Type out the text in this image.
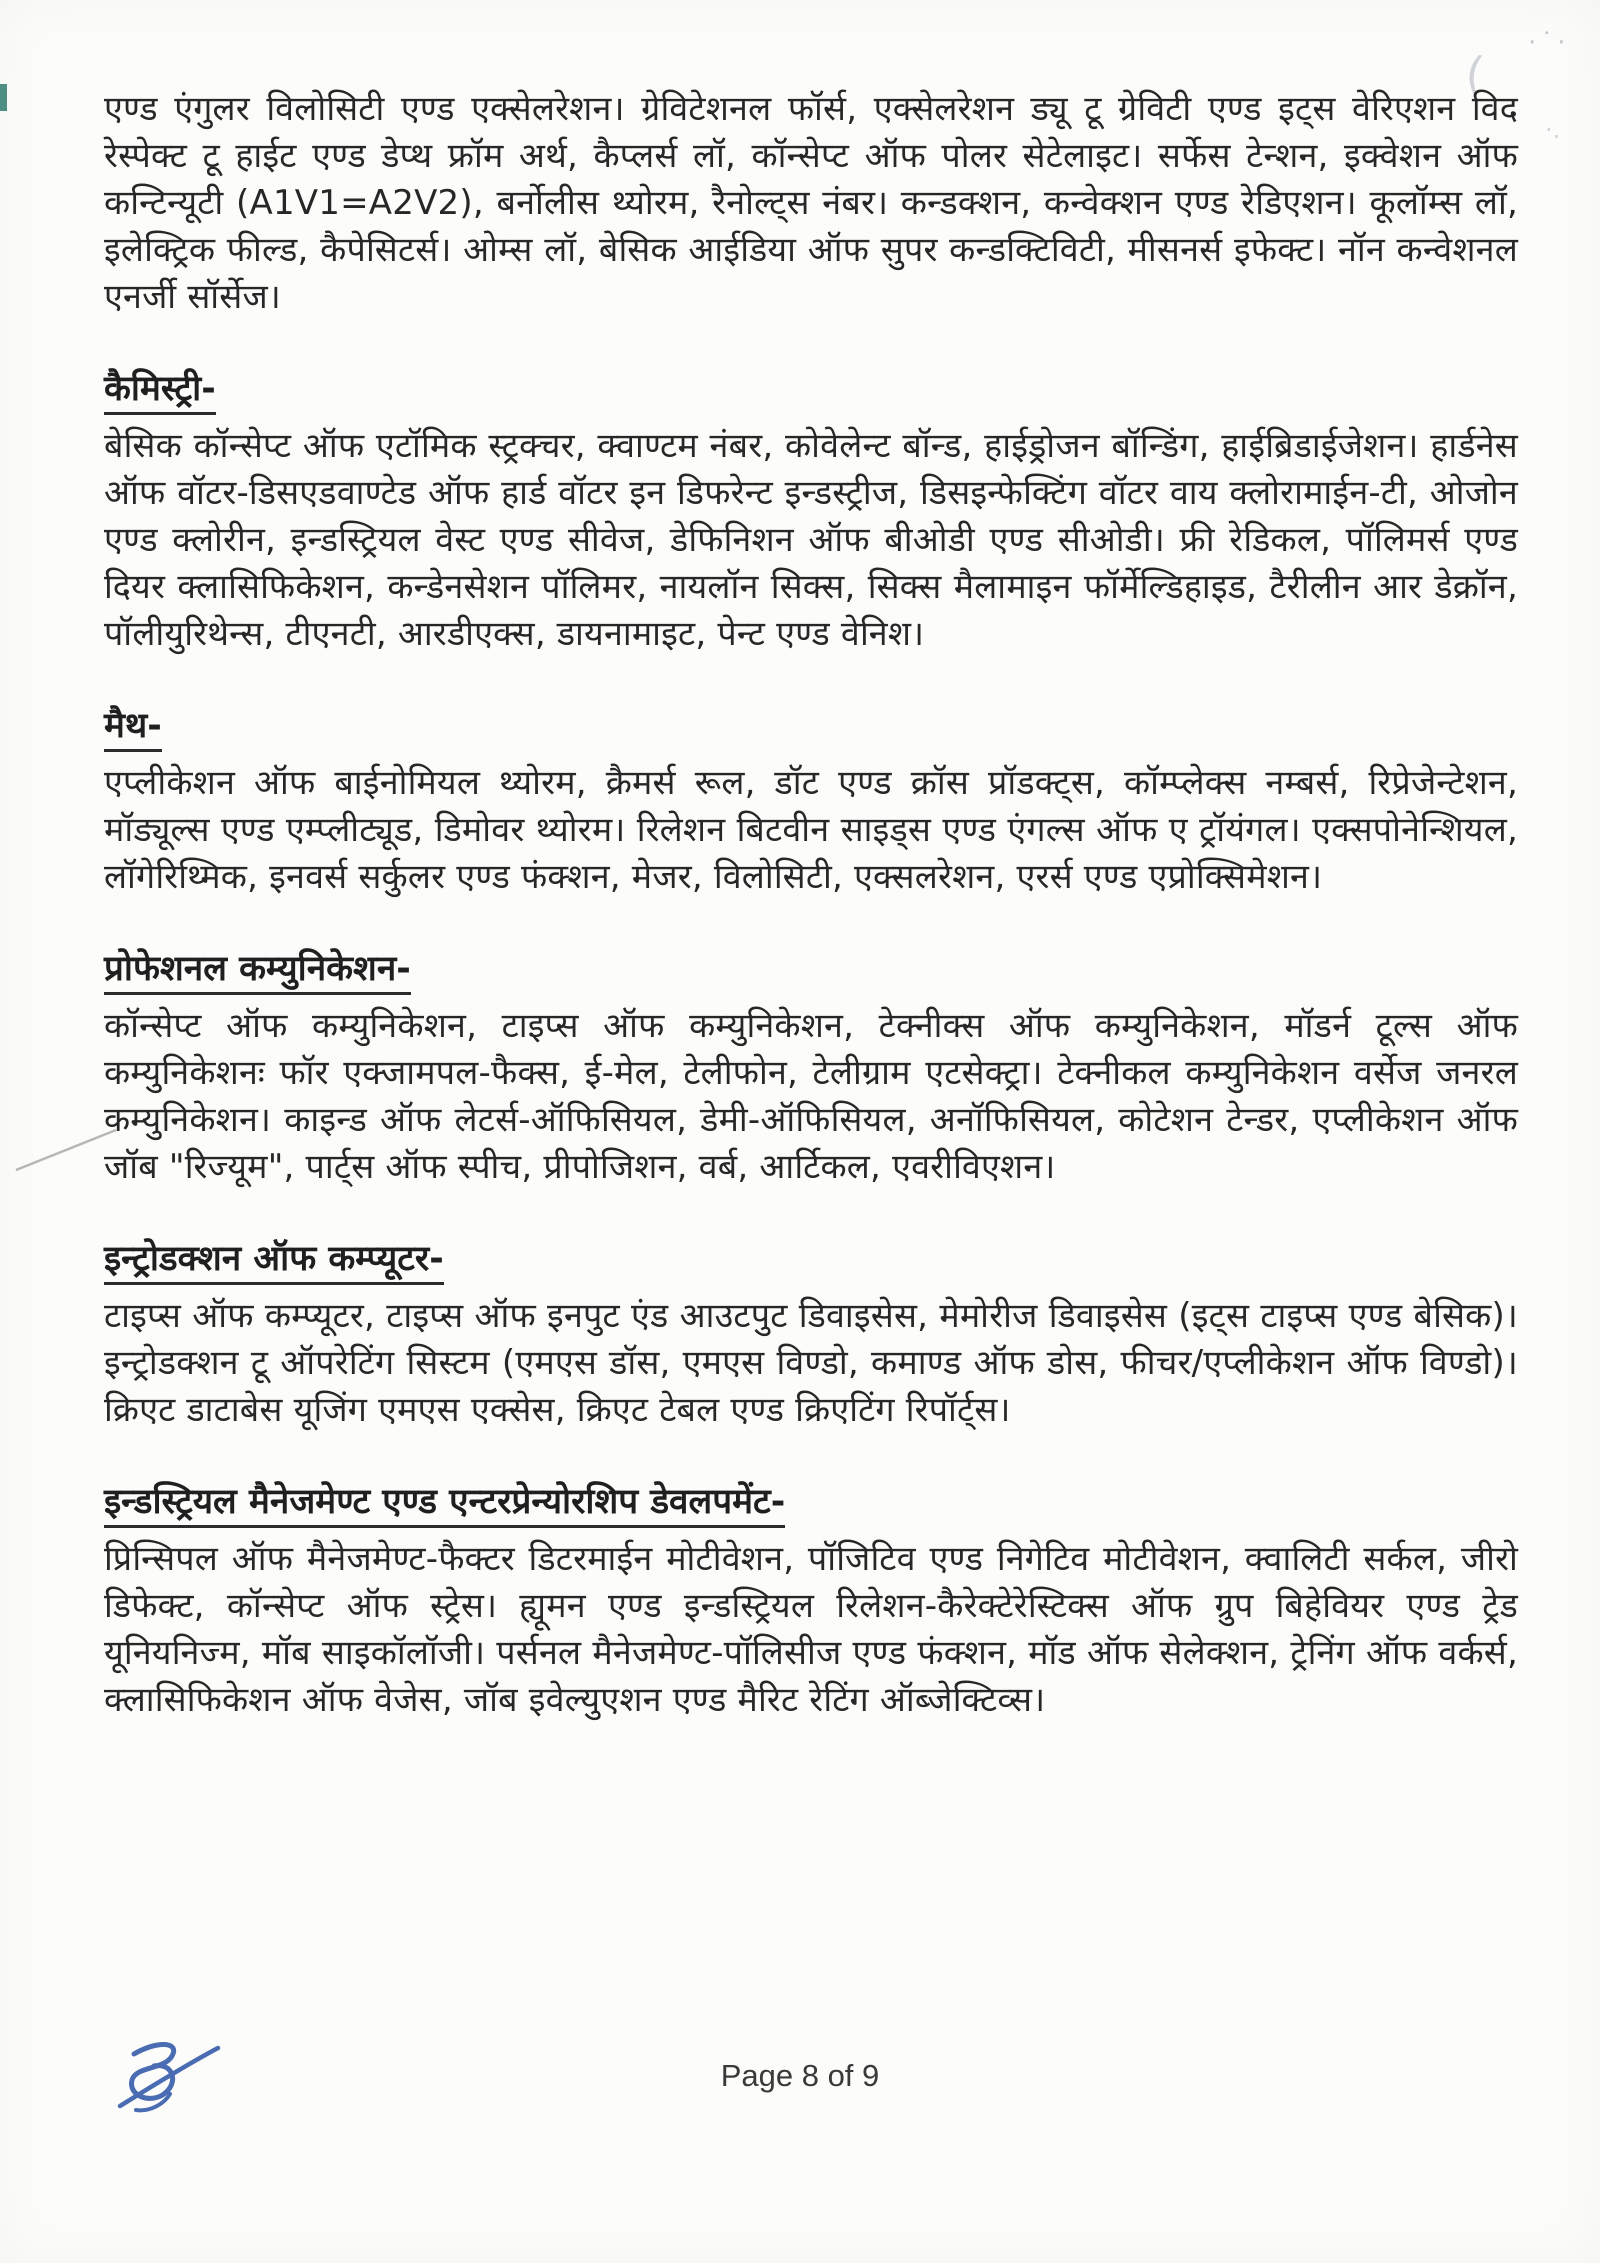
(
·˙·
·.

एण्ड एंगुलर विलोसिटी एण्ड एक्सेलरेशन। ग्रेविटेशनल फॉर्स, एक्सेलरेशन ड्यू टू ग्रेविटी एण्ड इट्स वेरिएशन विद रेस्पेक्ट टू हाईट एण्ड डेप्थ फ्रॉम अर्थ, कैप्लर्स लॉ, कॉन्सेप्ट ऑफ पोलर सेटेलाइट। सर्फेस टेन्शन, इक्वेशन ऑफ कन्टिन्यूटी (A1V1=A2V2), बर्नोलीस थ्योरम, रैनोल्ट्स नंबर। कन्डक्शन, कन्वेक्शन एण्ड रेडिएशन। कूलॉम्स लॉ, इलेक्ट्रिक फील्ड, कैपेसिटर्स। ओम्स लॉ, बेसिक आईडिया ऑफ सुपर कन्डक्टिविटी, मीसनर्स इफेक्ट। नॉन कन्वेशनल एनर्जी सॉर्सेज।

कैमिस्ट्री-

बेसिक कॉन्सेप्ट ऑफ एटॉमिक स्ट्रक्चर, क्वाण्टम नंबर, कोवेलेन्ट बॉन्ड, हाईड्रोजन बॉन्डिंग, हाईब्रिडाईजेशन। हार्डनेस ऑफ वॉटर-डिसएडवाण्टेड ऑफ हार्ड वॉटर इन डिफरेन्ट इन्डस्ट्रीज, डिसइन्फेक्टिंग वॉटर वाय क्लोरामाईन-टी, ओजोन एण्ड क्लोरीन, इन्डस्ट्रियल वेस्ट एण्ड सीवेज, डेफिनिशन ऑफ बीओडी एण्ड सीओडी। फ्री रेडिकल, पॉलिमर्स एण्ड दियर क्लासिफिकेशन, कन्डेनसेशन पॉलिमर, नायलॉन सिक्स, सिक्स मैलामाइन फॉर्मेल्डिहाइड, टैरीलीन आर डेक्रॉन, पॉलीयुरिथेन्स, टीएनटी, आरडीएक्स, डायनामाइट, पेन्ट एण्ड वेनिश।

मैथ-

एप्लीकेशन ऑफ बाईनोमियल थ्योरम, क्रैमर्स रूल, डॉट एण्ड क्रॉस प्रॉडक्ट्स, कॉम्प्लेक्स नम्बर्स, रिप्रेजेन्टेशन, मॉड्यूल्स एण्ड एम्प्लीट्यूड, डिमोवर थ्योरम। रिलेशन बिटवीन साइड्स एण्ड एंगल्स ऑफ ए ट्रॉयंगल। एक्सपोनेन्शियल, लॉगेरिथ्मिक, इनवर्स सर्कुलर एण्ड फंक्शन, मेजर, विलोसिटी, एक्सलरेशन, एरर्स एण्ड एप्रोक्सिमेशन।

प्रोफेशनल कम्युनिकेशन-

कॉन्सेप्ट ऑफ कम्युनिकेशन, टाइप्स ऑफ कम्युनिकेशन, टेक्नीक्स ऑफ कम्युनिकेशन, मॉडर्न टूल्स ऑफ कम्युनिकेशनः फॉर एक्जामपल-फैक्स, ई-मेल, टेलीफोन, टेलीग्राम एटसेक्ट्रा। टेक्नीकल कम्युनिकेशन वर्सेज जनरल कम्युनिकेशन। काइन्ड ऑफ लेटर्स-ऑफिसियल, डेमी-ऑफिसियल, अनॉफिसियल, कोटेशन टेन्डर, एप्लीकेशन ऑफ जॉब "रिज्यूम", पार्ट्स ऑफ स्पीच, प्रीपोजिशन, वर्ब, आर्टिकल, एवरीविएशन।

इन्ट्रोडक्शन ऑफ कम्प्यूटर-

टाइप्स ऑफ कम्प्यूटर, टाइप्स ऑफ इनपुट एंड आउटपुट डिवाइसेस, मेमोरीज डिवाइसेस (इट्स टाइप्स एण्ड बेसिक)। इन्ट्रोडक्शन टू ऑपरेटिंग सिस्टम (एमएस डॉस, एमएस विण्डो, कमाण्ड ऑफ डोस, फीचर/एप्लीकेशन ऑफ विण्डो)। क्रिएट डाटाबेस यूजिंग एमएस एक्सेस, क्रिएट टेबल एण्ड क्रिएटिंग रिपॉर्ट्स।

इन्डस्ट्रियल मैनेजमेण्ट एण्ड एन्टरप्रेन्योरशिप डेवलपमेंट-

प्रिन्सिपल ऑफ मैनेजमेण्ट-फैक्टर डिटरमाईन मोटीवेशन, पॉजिटिव एण्ड निगेटिव मोटीवेशन, क्वालिटी सर्कल, जीरो डिफेक्ट, कॉन्सेप्ट ऑफ स्ट्रेस। ह्यूमन एण्ड इन्डस्ट्रियल रिलेशन-कैरेक्टेरेस्टिक्स ऑफ ग्रुप बिहेवियर एण्ड ट्रेड यूनियनिज्म, मॉब साइकॉलॉजी। पर्सनल मैनेजमेण्ट-पॉलिसीज एण्ड फंक्शन, मॉड ऑफ सेलेक्शन, ट्रेनिंग ऑफ वर्कर्स, क्लासिफिकेशन ऑफ वेजेस, जॉब इवेल्युएशन एण्ड मैरिट रेटिंग ऑब्जेक्टिव्स।

Page 8 of 9
